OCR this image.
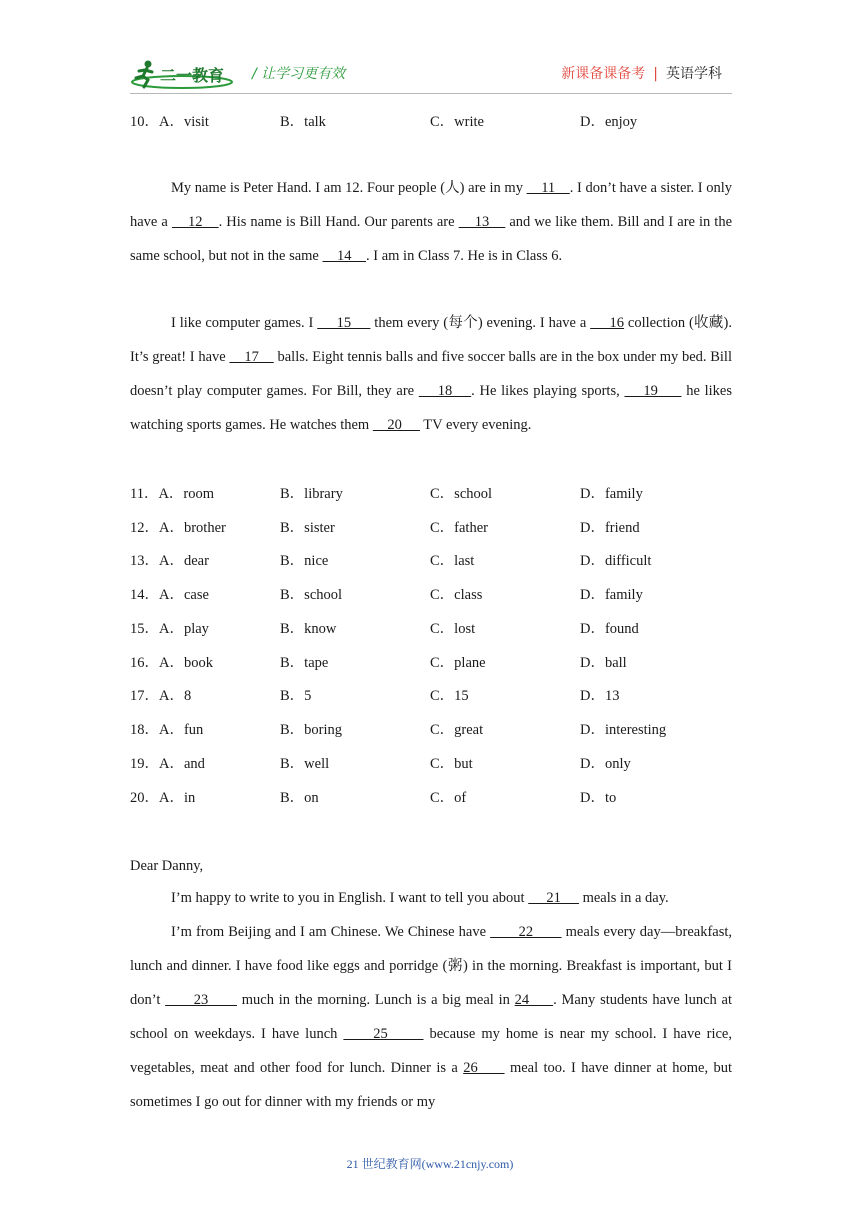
二一教育 / 让学习更有效	新课备课备考 | 英语学科
10．A．visit	B．talk	C．write	D．enjoy

My name is Peter Hand. I am 12. Four people (人) are in my     11    . I don’t have a sister. I only have a     12    . His name is Bill Hand. Our parents are     13     and we like them. Bill and I are in the same school, but not in the same     14    . I am in Class 7. He is in Class 6.

I like computer games. I      15      them every (每个) evening. I have a      16 collection (收藏). It’s great! I have     17     balls. Eight tennis balls and five soccer balls are in the box under my bed. Bill doesn’t play computer games. For Bill, they are     18    . He likes playing sports,     19      he likes watching sports games. He watches them     20      TV every evening.

11．A．room	B．library	C．school	D．family
12．A．brother	B．sister	C．father	D．friend
13．A．dear	B．nice	C．last	D．difficult
14．A．case	B．school	C．class	D．family
15．A．play	B．know	C．lost	D．found
16．A．book	B．tape	C．plane	D．ball
17．A．8	B．5	C．15	D．13
18．A．fun	B．boring	C．great	D．interesting
19．A．and	B．well	C．but	D．only
20．A．in	B．on	C．of	D．to
Dear Danny,

I’m happy to write to you in English. I want to tell you about      21      meals in a day.

I’m from Beijing and I am Chinese. We Chinese have        22        meals every day—breakfast, lunch and dinner. I have food like eggs and porridge (粥) in the morning. Breakfast is important, but I don’t       23       much in the morning. Lunch is a big meal in 24     . Many students have lunch at school on weekdays. I have lunch      25       because my home is near my school. I have rice, vegetables, meat and other food for lunch. Dinner is a 26      meal too. I have dinner at home, but sometimes I go out for dinner with my friends or my

21 世纪教育网(www.21cnjy.com)
